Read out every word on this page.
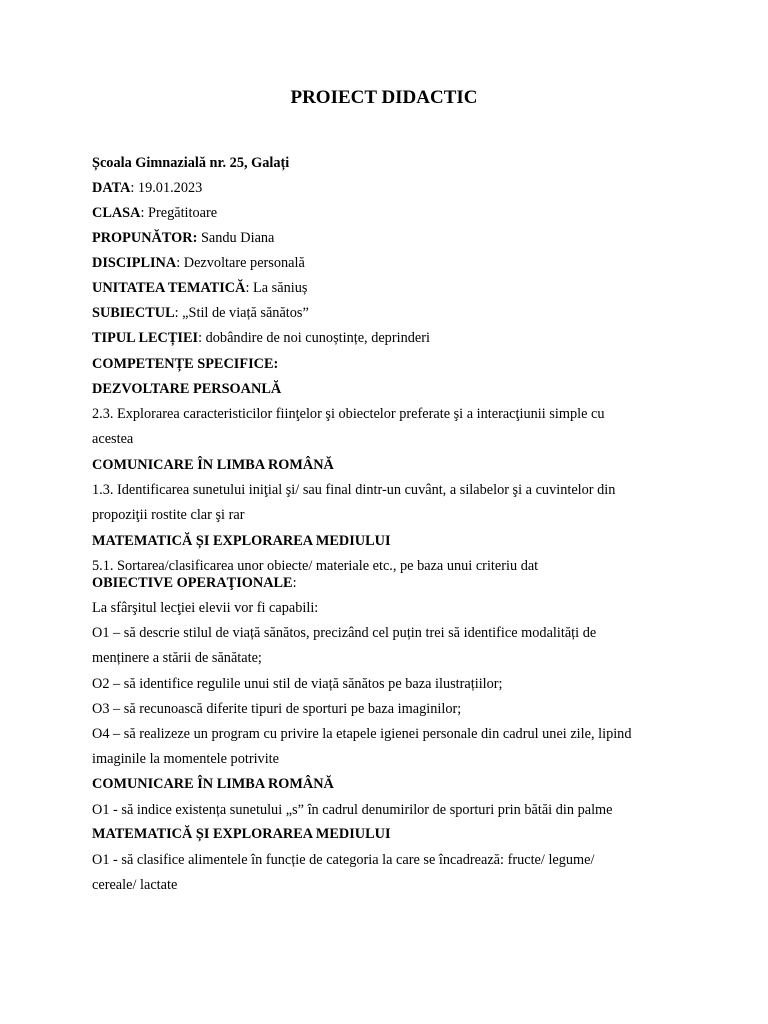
PROIECT DIDACTIC
Școala Gimnazială nr. 25, Galați
DATA: 19.01.2023
CLASA: Pregătitoare
PROPUNĂTOR: Sandu Diana
DISCIPLINA: Dezvoltare personală
UNITATEA TEMATICĂ: La săniuș
SUBIECTUL: „Stil de viață sănătos”
TIPUL LECȚIEI: dobândire de noi cunoștințe, deprinderi
COMPETENȚE SPECIFICE:
DEZVOLTARE PERSOANLĂ
2.3. Explorarea caracteristicilor fiinţelor şi obiectelor preferate şi a interacţiunii simple cu
acestea
COMUNICARE ÎN LIMBA ROMÂNĂ
1.3. Identificarea sunetului iniţial şi/ sau final dintr-un cuvânt, a silabelor şi a cuvintelor din
propoziţii rostite clar şi rar
MATEMATICĂ ȘI EXPLORAREA MEDIULUI
5.1. Sortarea/clasificarea unor obiecte/ materiale etc., pe baza unui criteriu dat
OBIECTIVE OPERAŢIONALE:
La sfârşitul lecţiei elevii vor fi capabili:
O1 – să descrie stilul de viață sănătos, precizând cel puțin trei să identifice modalități de
menținere a stării de sănătate;
O2 – să identifice regulile unui stil de viață sănătos pe baza ilustrațiilor;
O3 – să recunoască diferite tipuri de sporturi pe baza imaginilor;
O4 – să realizeze un program cu privire la etapele igienei personale din cadrul unei zile, lipind
imaginile la momentele potrivite
COMUNICARE ÎN LIMBA ROMÂNĂ
O1 - să indice existența sunetului „s” în cadrul denumirilor de sporturi prin bătăi din palme
MATEMATICĂ ȘI EXPLORAREA MEDIULUI
O1 - să clasifice alimentele în funcție de categoria la care se încadrează: fructe/ legume/
cereale/ lactate
